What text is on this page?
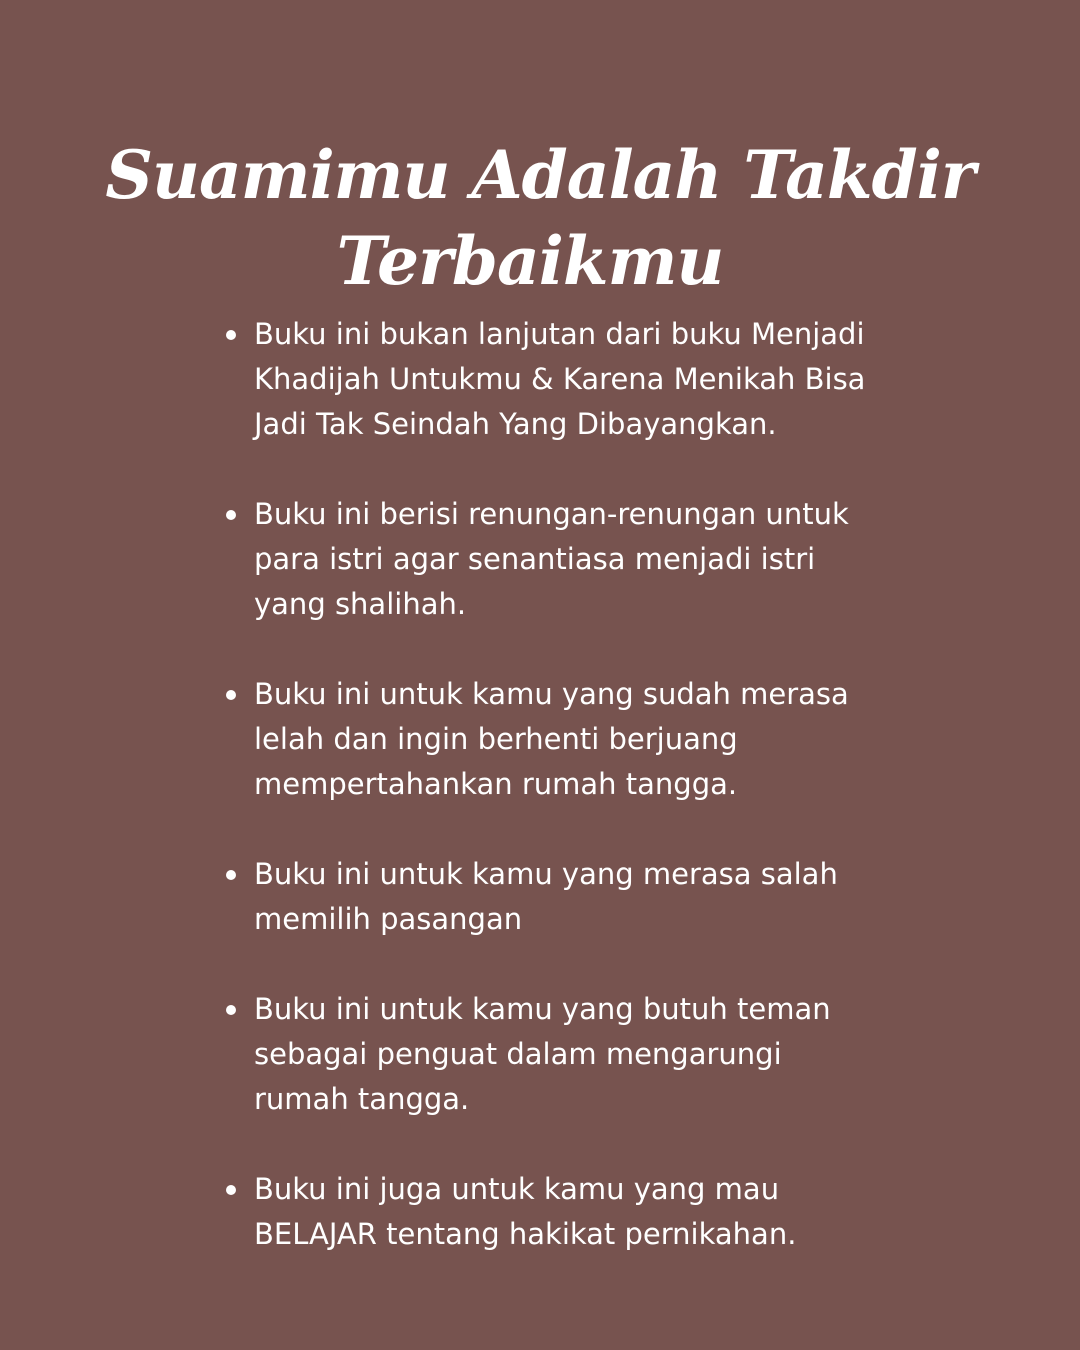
Suamimu Adalah Takdir
Terbaikmu
Buku ini bukan lanjutan dari buku Menjadi Khadijah Untukmu & Karena Menikah Bisa Jadi Tak Seindah Yang Dibayangkan.
Buku ini berisi renungan-renungan untuk para istri agar senantiasa menjadi istri yang shalihah.
Buku ini untuk kamu yang sudah merasa lelah dan ingin berhenti berjuang mempertahankan rumah tangga.
Buku ini untuk kamu yang merasa salah memilih pasangan
Buku ini untuk kamu yang butuh teman sebagai penguat dalam mengarungi rumah tangga.
Buku ini juga untuk kamu yang mau BELAJAR tentang hakikat pernikahan.
